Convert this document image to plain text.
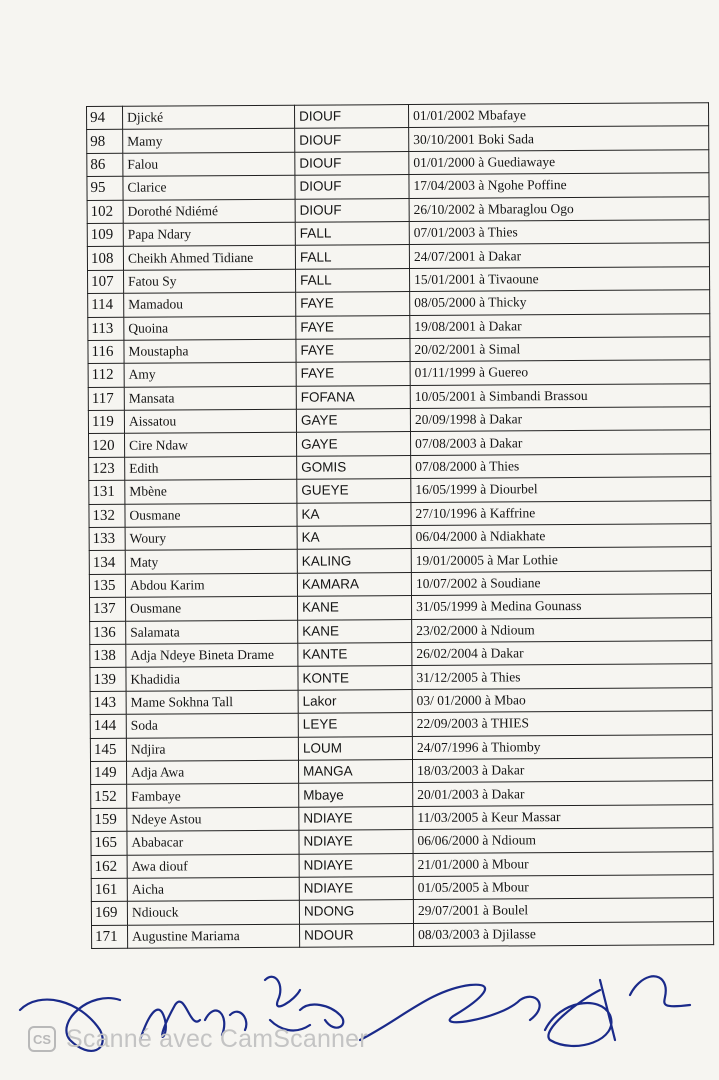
94	Djické	DIOUF	01/01/2002 Mbafaye
98	Mamy	DIOUF	30/10/2001 Boki Sada
86	Falou	DIOUF	01/01/2000 à Guediawaye
95	Clarice	DIOUF	17/04/2003 à Ngohe Poffine
102	Dorothé Ndiémé	DIOUF	26/10/2002 à Mbaraglou Ogo
109	Papa Ndary	FALL	07/01/2003 à Thies
108	Cheikh Ahmed Tidiane	FALL	24/07/2001 à Dakar
107	Fatou Sy	FALL	15/01/2001 à Tivaoune
114	Mamadou	FAYE	08/05/2000 à Thicky
113	Quoina	FAYE	19/08/2001 à Dakar
116	Moustapha	FAYE	20/02/2001 à Simal
112	Amy	FAYE	01/11/1999 à Guereo
117	Mansata	FOFANA	10/05/2001 à Simbandi Brassou
119	Aissatou	GAYE	20/09/1998 à Dakar
120	Cire Ndaw	GAYE	07/08/2003 à Dakar
123	Edith	GOMIS	07/08/2000 à Thies
131	Mbène	GUEYE	16/05/1999 à Diourbel
132	Ousmane	KA	27/10/1996 à Kaffrine
133	Woury	KA	06/04/2000 à Ndiakhate
134	Maty	KALING	19/01/20005 à Mar Lothie
135	Abdou Karim	KAMARA	10/07/2002 à Soudiane
137	Ousmane	KANE	31/05/1999 à Medina Gounass
136	Salamata	KANE	23/02/2000 à Ndioum
138	Adja Ndeye Bineta Drame	KANTE	26/02/2004 à Dakar
139	Khadidia	KONTE	31/12/2005 à Thies
143	Mame Sokhna Tall	Lakor	03/ 01/2000 à Mbao
144	Soda	LEYE	22/09/2003 à THIES
145	Ndjira	LOUM	24/07/1996 à Thiomby
149	Adja Awa	MANGA	18/03/2003 à Dakar
152	Fambaye	Mbaye	20/01/2003 à Dakar
159	Ndeye Astou	NDIAYE	11/03/2005 à Keur Massar
165	Ababacar	NDIAYE	06/06/2000 à Ndioum
162	Awa diouf	NDIAYE	21/01/2000 à Mbour
161	Aicha	NDIAYE	01/05/2005 à Mbour
169	Ndiouck	NDONG	29/07/2001 à Boulel
171	Augustine Mariama	NDOUR	08/03/2003 à Djilasse
CS Scanné avec CamScanner
